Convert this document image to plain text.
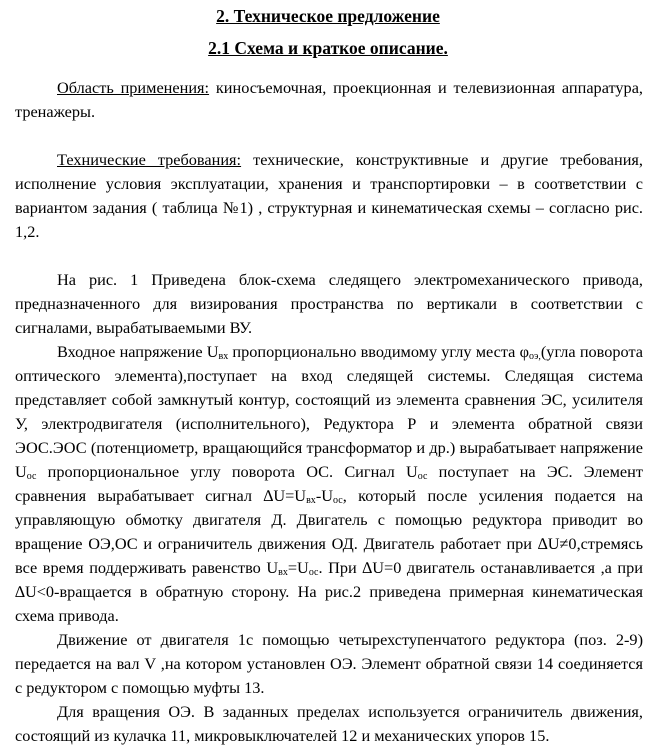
2. Техническое предложение
2.1 Схема и краткое описание.

Область применения: киносъемочная, проекционная и телевизионная аппаратура, тренажеры.

Технические требования: технические, конструктивные и другие требования, исполнение условия эксплуатации, хранения и транспортировки – в соответствии с вариантом задания ( таблица №1) , структурная и кинематическая схемы – согласно рис. 1,2.

На рис. 1 Приведена блок-схема следящего электромеханического привода, предназначенного для визирования пространства по вертикали в соответствии с сигналами, вырабатываемыми ВУ.

Входное напряжение $U_{вх}$ пропорционально вводимому углу места $\varphi_{оэ,}(угла$ поворота оптического элемента),поступает на вход следящей системы. Следящая система представляет собой замкнутый контур, состоящий из элемента сравнения ЭС, усилителя У, электродвигателя (исполнительного), Редуктора Р и элемента обратной связи ЭОС.ЭОС (потенциометр, вращающийся трансформатор и др.) вырабатывает напряжение $U_{ос}$ пропорциональное углу поворота ОС. Сигнал $U_{ос}$ поступает на ЭС. Элемент сравнения вырабатывает сигнал $\Delta U=U_{вх}-U_{ос}$, который после усиления подается на управляющую обмотку двигателя Д. Двигатель с помощью редуктора приводит во вращение ОЭ,ОС и ограничитель движения ОД. Двигатель работает при ∆U≠0,стремясь все время поддерживать равенство $U_{вх}=U_{ос}$. При ∆U=0 двигатель останавливается ,а при ∆U<0-вращается в обратную сторону. На рис.2 приведена примерная кинематическая схема привода.

Движение от двигателя 1с помощью четырехступенчатого редуктора (поз. 2-9) передается на вал V ,на котором установлен ОЭ. Элемент обратной связи 14 соединяется с редуктором с помощью муфты 13.

Для вращения ОЭ. В заданных пределах используется ограничитель движения, состоящий из кулачка 11, микровыключателей 12 и механических упоров 15.
